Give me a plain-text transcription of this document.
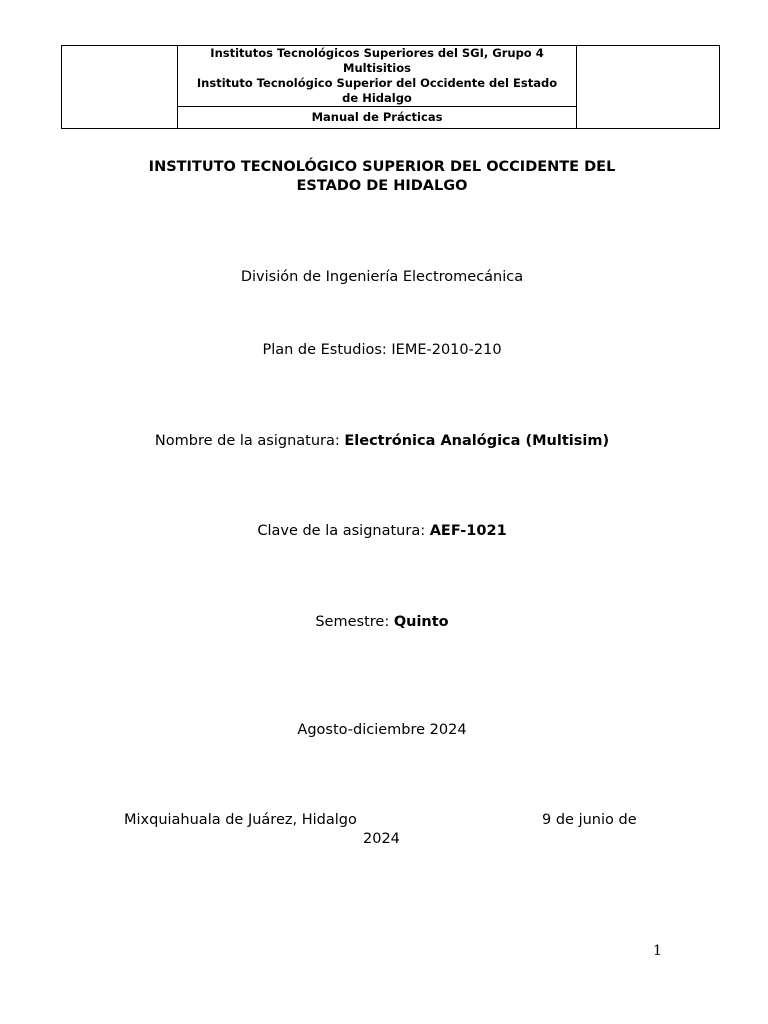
Institutos Tecnológicos Superiores del SGI, Grupo 4
Multisitios
Instituto Tecnológico Superior del Occidente del Estado
de Hidalgo

Manual de Prácticas
INSTITUTO TECNOLÓGICO SUPERIOR DEL OCCIDENTE DEL
ESTADO DE HIDALGO
División de Ingeniería Electromecánica
Plan de Estudios: IEME-2010-210
Nombre de la asignatura: Electrónica Analógica (Multisim)
Clave de la asignatura: AEF-1021
Semestre: Quinto
Agosto-diciembre 2024
Mixquiahuala de Juárez, Hidalgo	9 de junio de
2024
1
